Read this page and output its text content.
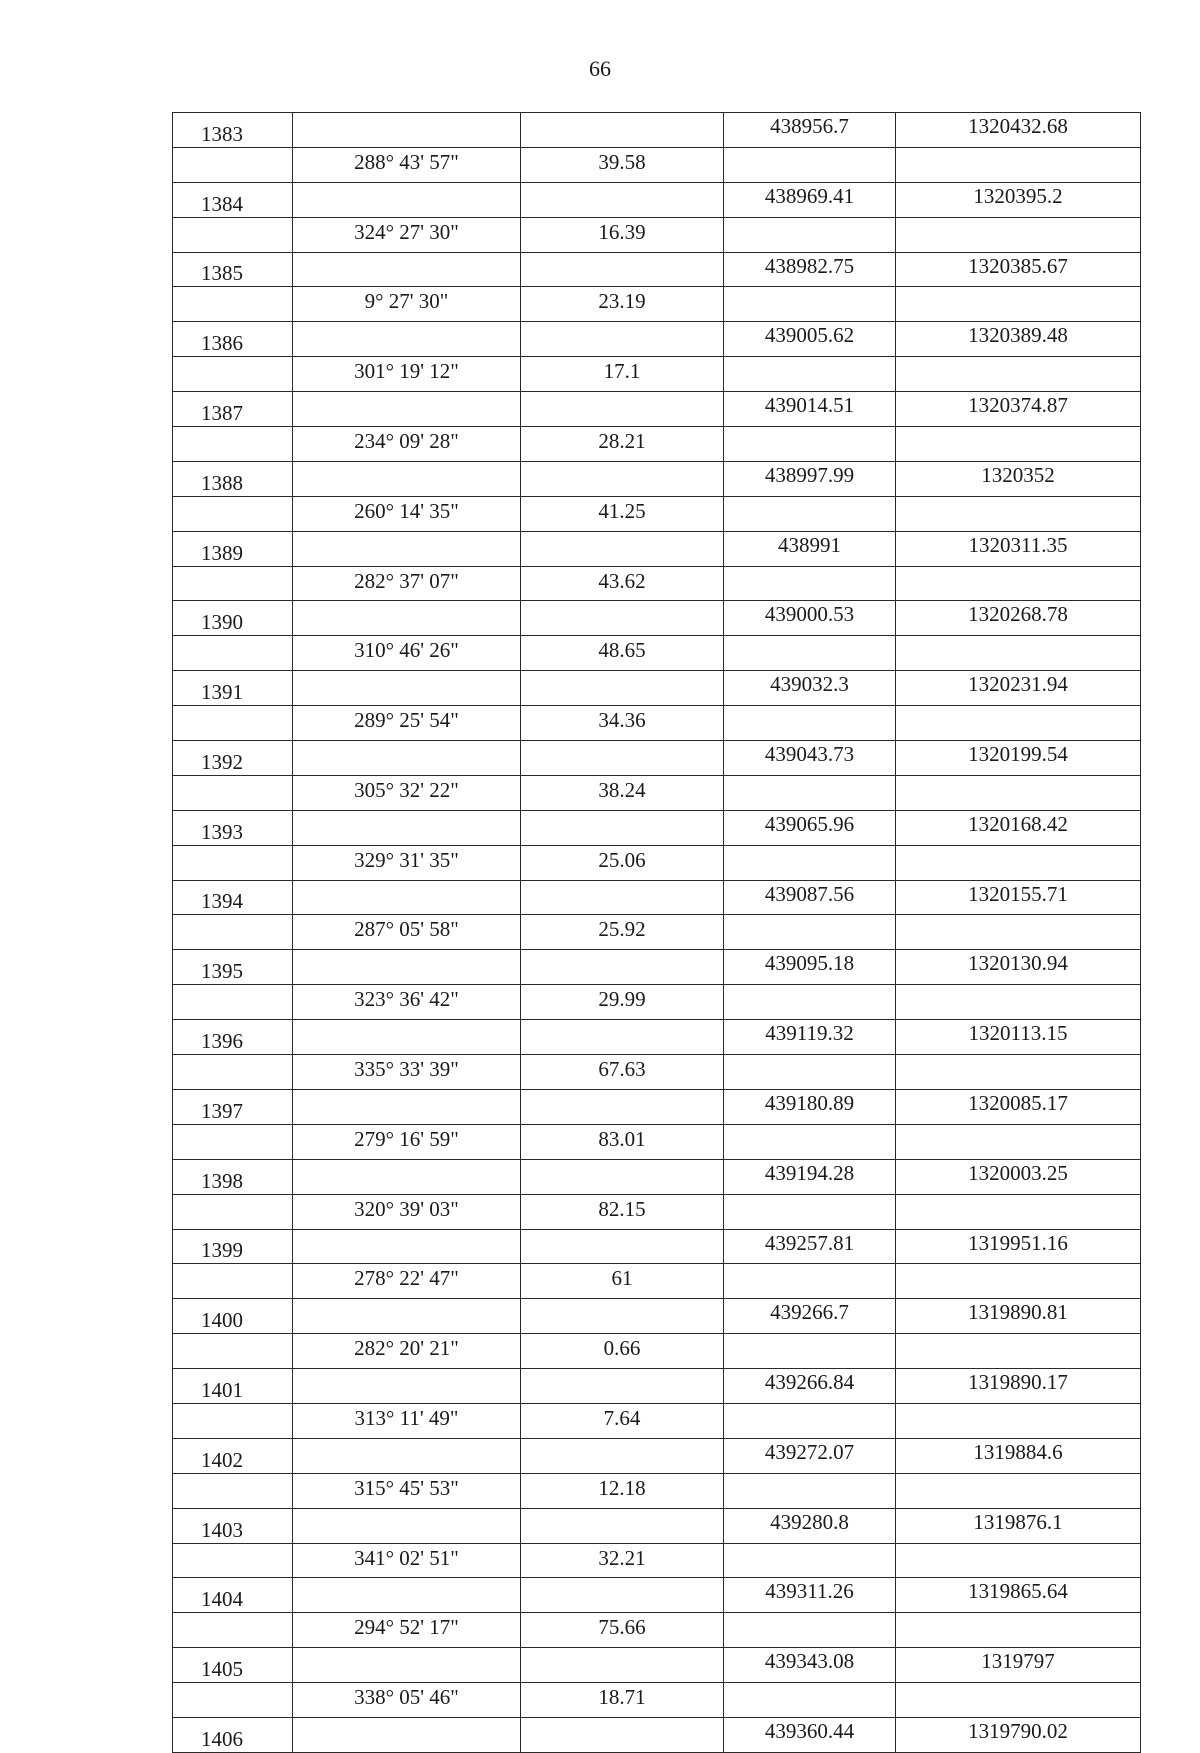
66
1383			438956.7	1320432.68
	288° 43' 57"	39.58		
1384			438969.41	1320395.2
	324° 27' 30"	16.39		
1385			438982.75	1320385.67
	9° 27' 30"	23.19		
1386			439005.62	1320389.48
	301° 19' 12"	17.1		
1387			439014.51	1320374.87
	234° 09' 28"	28.21		
1388			438997.99	1320352
	260° 14' 35"	41.25		
1389			438991	1320311.35
	282° 37' 07"	43.62		
1390			439000.53	1320268.78
	310° 46' 26"	48.65		
1391			439032.3	1320231.94
	289° 25' 54"	34.36		
1392			439043.73	1320199.54
	305° 32' 22"	38.24		
1393			439065.96	1320168.42
	329° 31' 35"	25.06		
1394			439087.56	1320155.71
	287° 05' 58"	25.92		
1395			439095.18	1320130.94
	323° 36' 42"	29.99		
1396			439119.32	1320113.15
	335° 33' 39"	67.63		
1397			439180.89	1320085.17
	279° 16' 59"	83.01		
1398			439194.28	1320003.25
	320° 39' 03"	82.15		
1399			439257.81	1319951.16
	278° 22' 47"	61		
1400			439266.7	1319890.81
	282° 20' 21"	0.66		
1401			439266.84	1319890.17
	313° 11' 49"	7.64		
1402			439272.07	1319884.6
	315° 45' 53"	12.18		
1403			439280.8	1319876.1
	341° 02' 51"	32.21		
1404			439311.26	1319865.64
	294° 52' 17"	75.66		
1405			439343.08	1319797
	338° 05' 46"	18.71		
1406			439360.44	1319790.02
